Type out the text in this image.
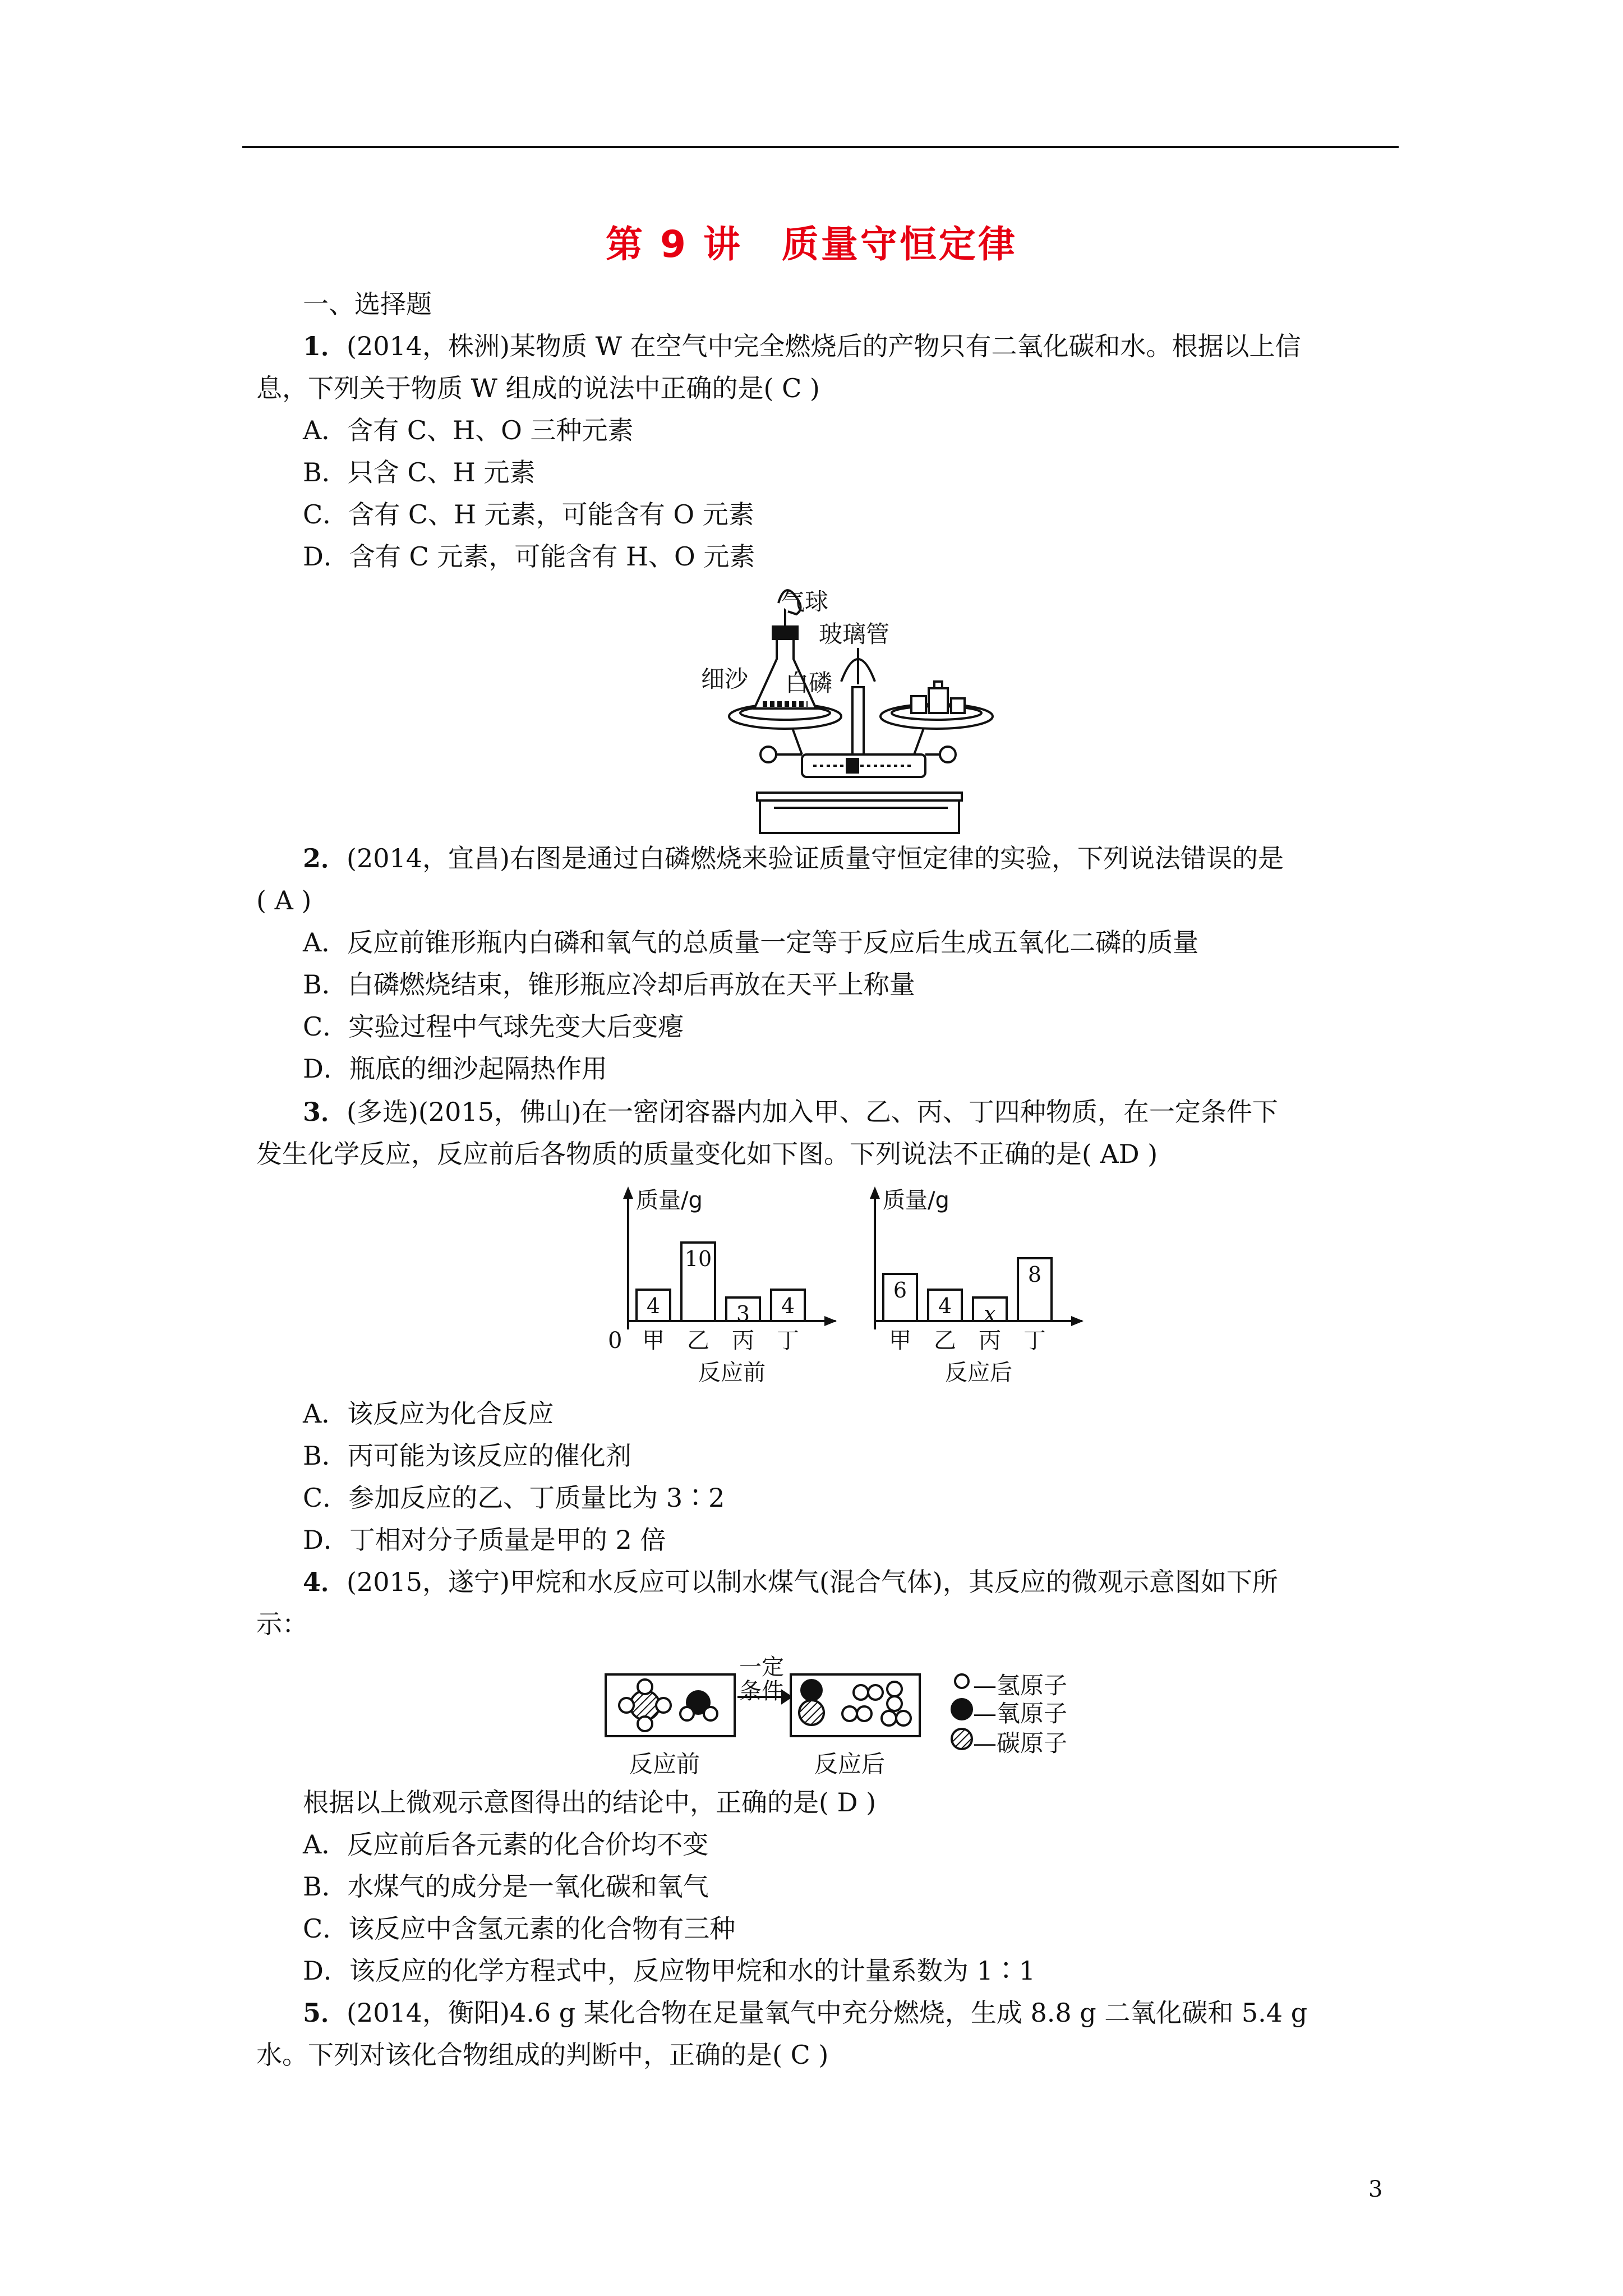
第 9 讲　质量守恒定律
一、选择题
1．(2014，株洲)某物质 W 在空气中完全燃烧后的产物只有二氧化碳和水。根据以上信
息，下列关于物质 W 组成的说法中正确的是( C )
A．含有 C、H、O 三种元素
B．只含 C、H 元素
C．含有 C、H 元素，可能含有 O 元素
D．含有 C 元素，可能含有 H、O 元素
气球
玻璃管
细沙 白磷
2．(2014，宜昌)右图是通过白磷燃烧来验证质量守恒定律的实验，下列说法错误的是
( A )
A．反应前锥形瓶内白磷和氧气的总质量一定等于反应后生成五氧化二磷的质量
B．白磷燃烧结束，锥形瓶应冷却后再放在天平上称量
C．实验过程中气球先变大后变瘪
D．瓶底的细沙起隔热作用
3．(多选)(2015，佛山)在一密闭容器内加入甲、乙、丙、丁四种物质，在一定条件下
发生化学反应，反应前后各物质的质量变化如下图。下列说法不正确的是( AD )
质量/g
0
4
甲
10
乙
3
丙
4
丁
反应前
质量/g
6
甲
4
乙
x
丙
8
丁
反应后
A．该反应为化合反应
B．丙可能为该反应的催化剂
C．参加反应的乙、丁质量比为 3∶2
D．丁相对分子质量是甲的 2 倍
4．(2015，遂宁)甲烷和水反应可以制水煤气(混合气体)，其反应的微观示意图如下所
示：
一定
条件
反应前	反应后
—氢原子
—氧原子
—碳原子
根据以上微观示意图得出的结论中，正确的是( D )
A．反应前后各元素的化合价均不变
B．水煤气的成分是一氧化碳和氧气
C．该反应中含氢元素的化合物有三种
D．该反应的化学方程式中，反应物甲烷和水的计量系数为 1∶1
5．(2014，衡阳)4.6 g 某化合物在足量氧气中充分燃烧，生成 8.8 g 二氧化碳和 5.4 g
水。下列对该化合物组成的判断中，正确的是( C )
3
